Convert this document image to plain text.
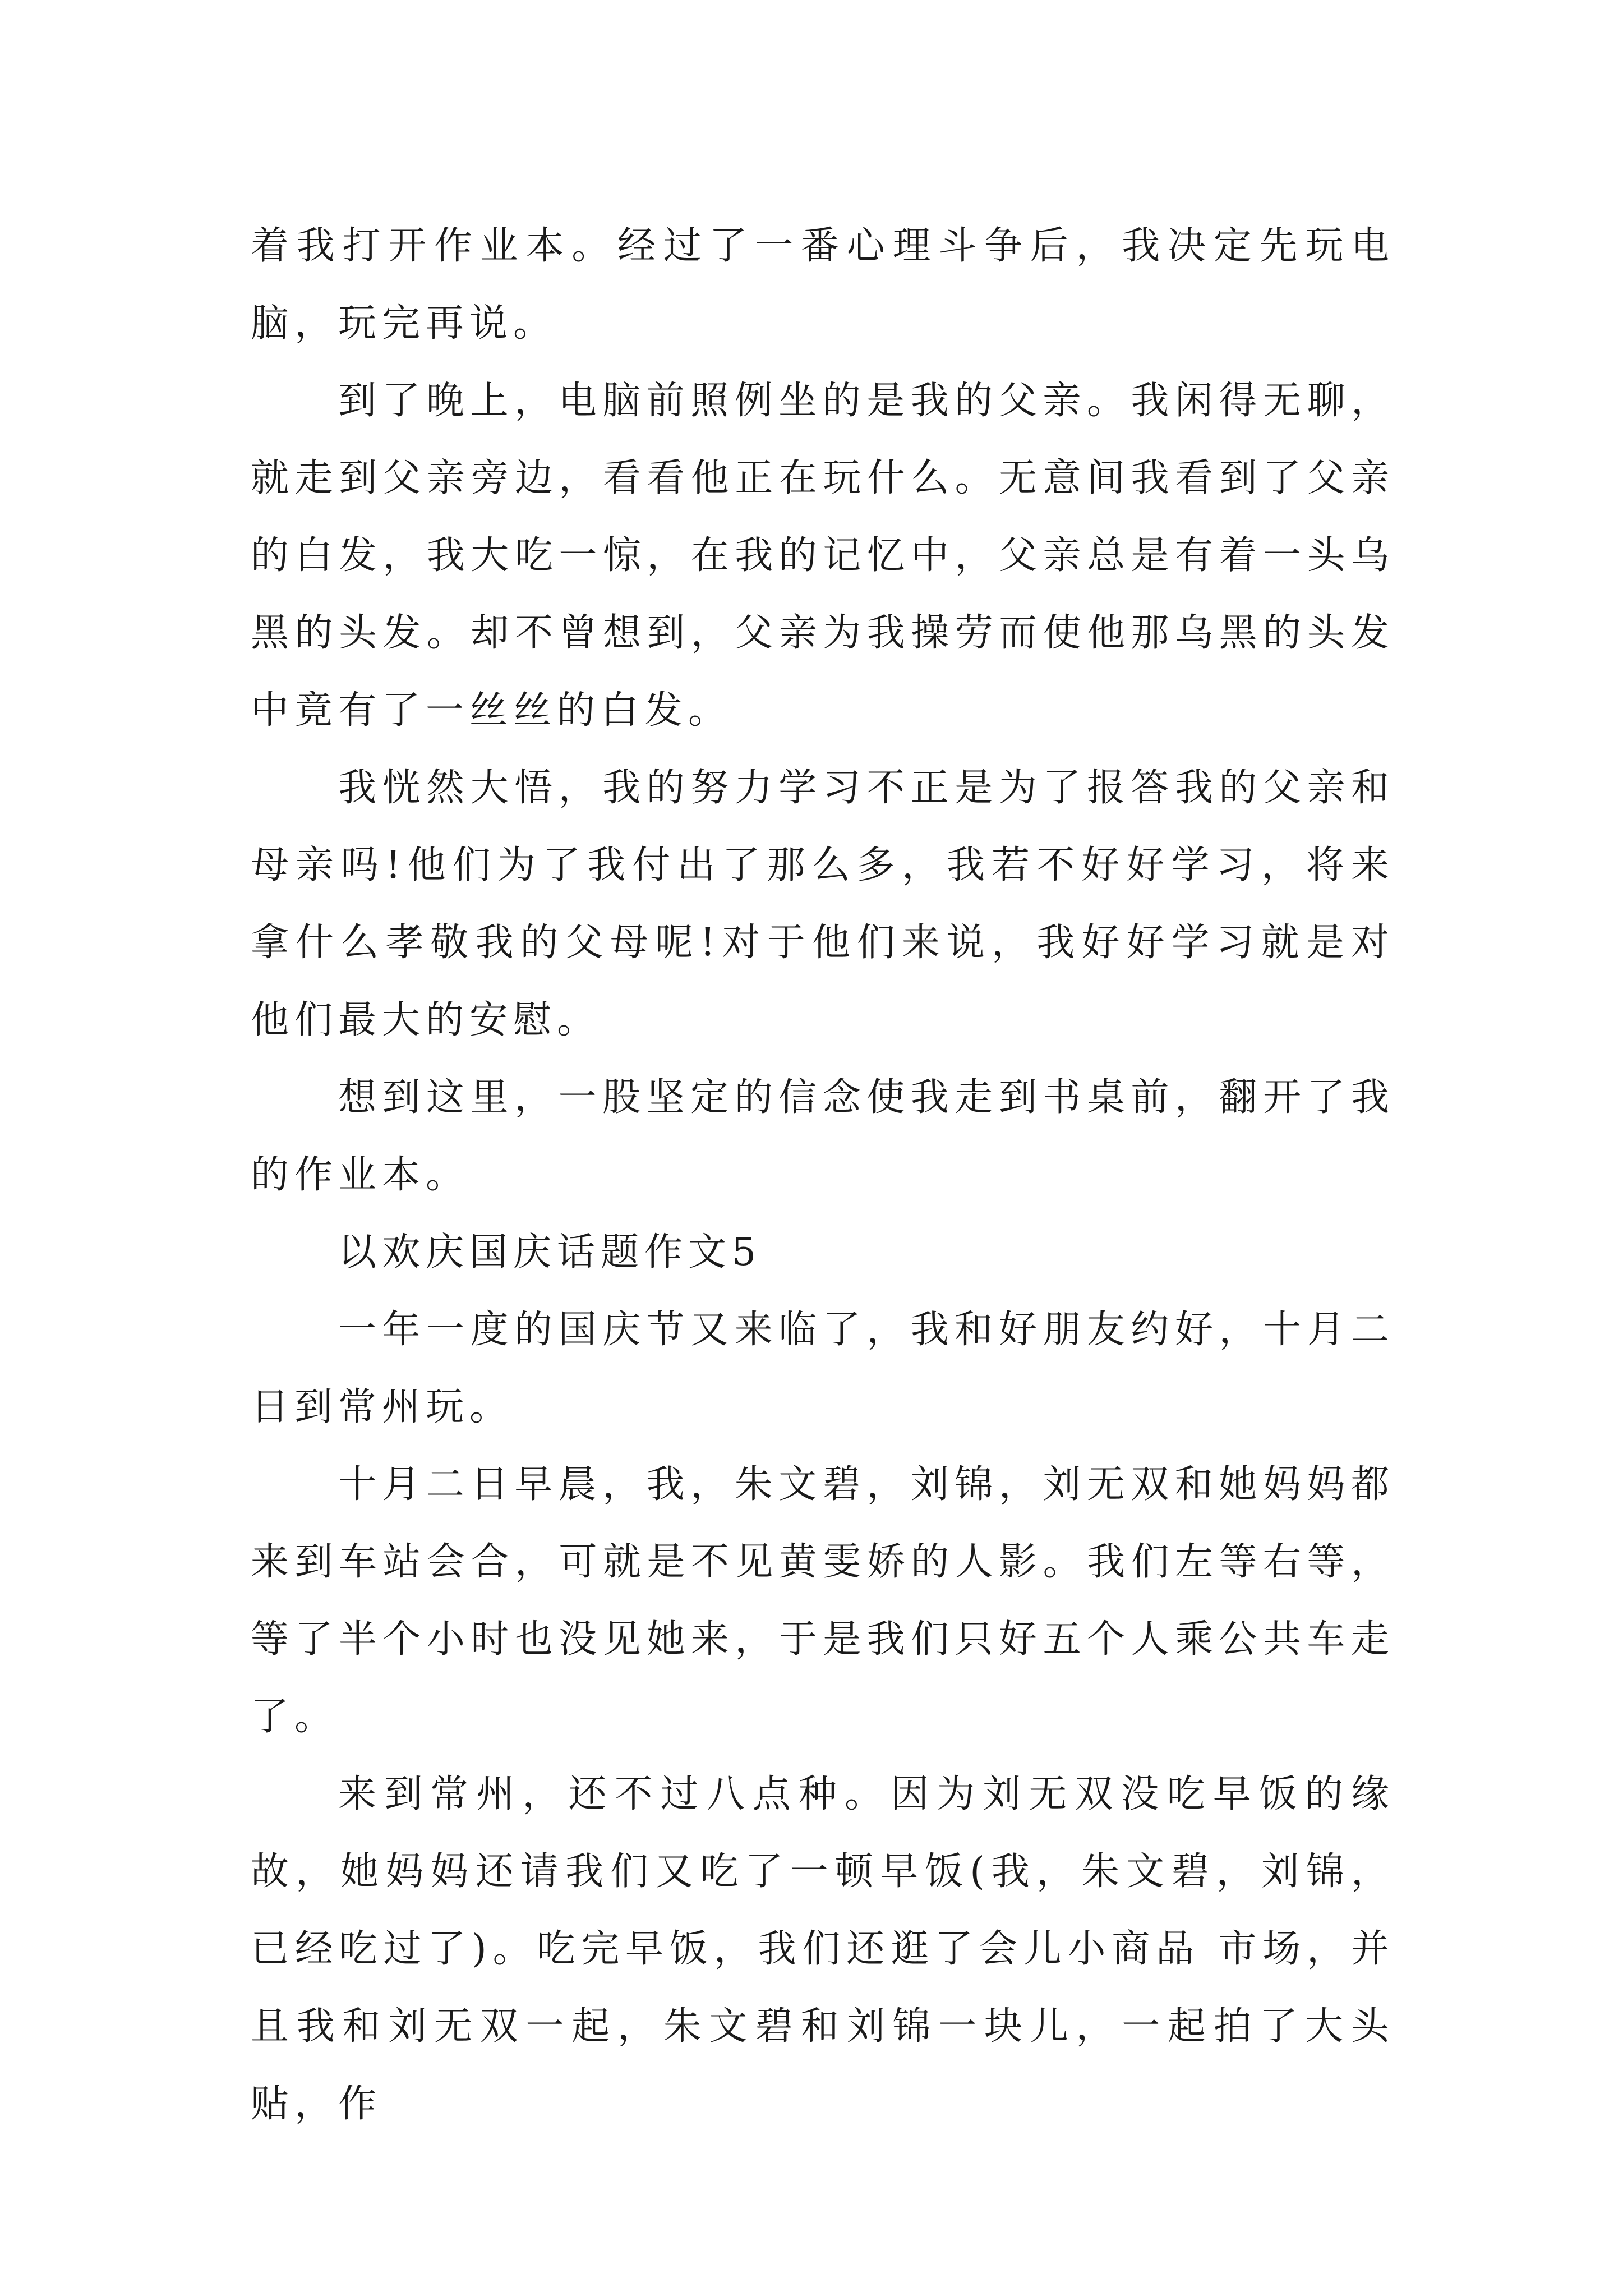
着我打开作业本。经过了一番心理斗争后，我决定先玩电脑，玩完再说。

到了晚上，电脑前照例坐的是我的父亲。我闲得无聊，就走到父亲旁边，看看他正在玩什么。无意间我看到了父亲的白发，我大吃一惊，在我的记忆中，父亲总是有着一头乌黑的头发。却不曾想到，父亲为我操劳而使他那乌黑的头发中竟有了一丝丝的白发。

我恍然大悟，我的努力学习不正是为了报答我的父亲和母亲吗!他们为了我付出了那么多，我若不好好学习，将来拿什么孝敬我的父母呢!对于他们来说，我好好学习就是对他们最大的安慰。

想到这里，一股坚定的信念使我走到书桌前，翻开了我的作业本。

以欢庆国庆话题作文5

一年一度的国庆节又来临了，我和好朋友约好，十月二日到常州玩。

十月二日早晨，我，朱文碧，刘锦，刘无双和她妈妈都来到车站会合，可就是不见黄雯娇的人影。我们左等右等，等了半个小时也没见她来，于是我们只好五个人乘公共车走了。

来到常州，还不过八点种。因为刘无双没吃早饭的缘故，她妈妈还请我们又吃了一顿早饭(我，朱文碧，刘锦，已经吃过了)。吃完早饭，我们还逛了会儿小商品 市场，并且我和刘无双一起，朱文碧和刘锦一块儿，一起拍了大头贴，作
